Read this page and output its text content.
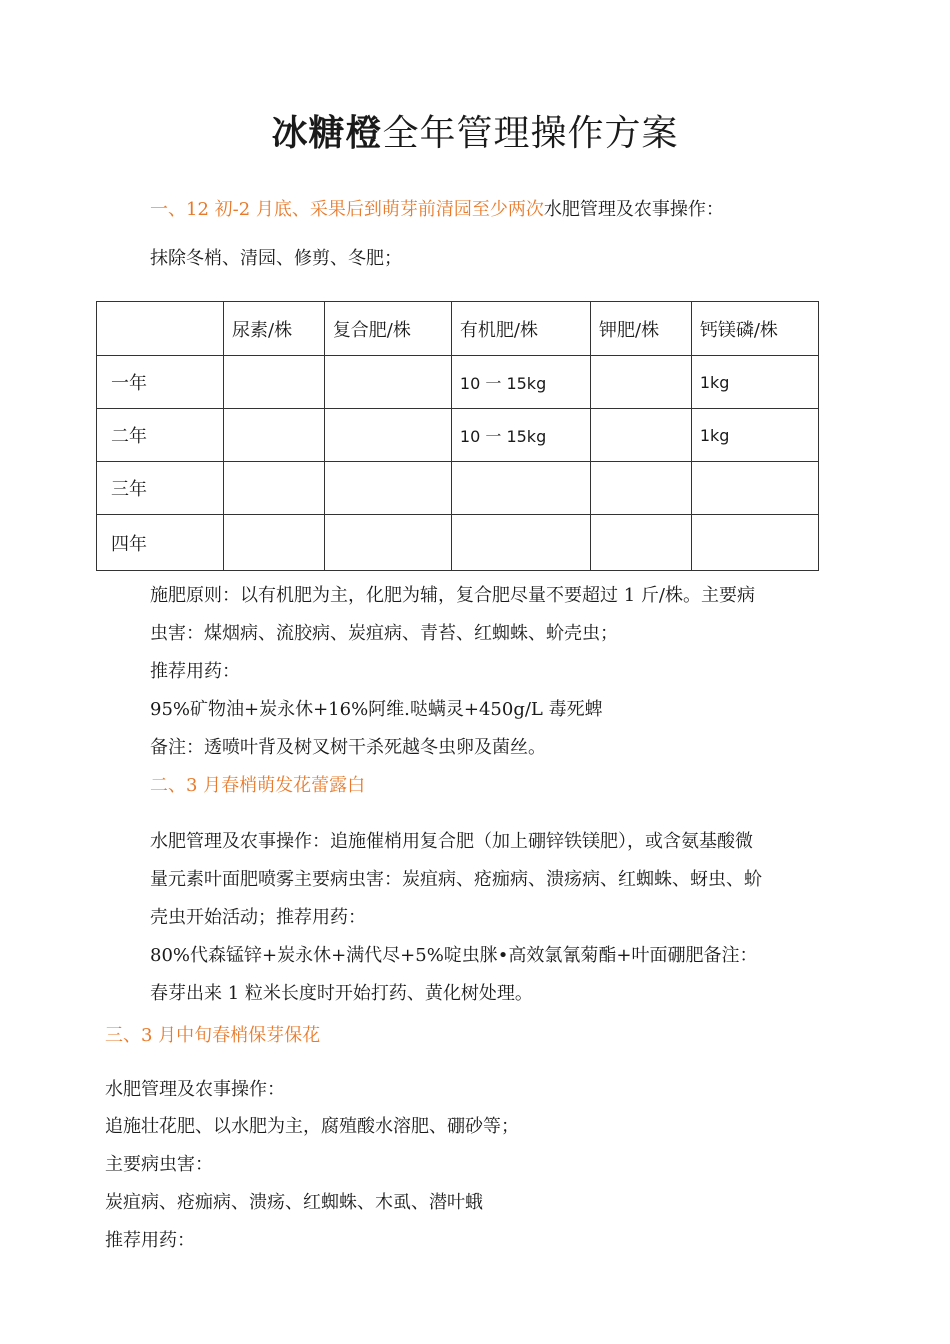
冰糖橙全年管理操作方案
一、12 初-2 月底、采果后到萌芽前清园至少两次水肥管理及农事操作：
抹除冬梢、清园、修剪、冬肥；
	尿素/株	复合肥/株	有机肥/株	钾肥/株	钙镁磷/株
一年			10 一 15kg		1kg
二年			10 一 15kg		1kg
三年					
四年					
施肥原则：以有机肥为主，化肥为辅，复合肥尽量不要超过 1 斤/株。主要病
虫害：煤烟病、流胶病、炭疽病、青苔、红蜘蛛、蚧壳虫；
推荐用药：
95%矿物油+炭永休+16%阿维.哒螨灵+450g/L 毒死蜱
备注：透喷叶背及树叉树干杀死越冬虫卵及菌丝。
二、3 月春梢萌发花蕾露白
水肥管理及农事操作：追施催梢用复合肥（加上硼锌铁镁肥），或含氨基酸微
量元素叶面肥喷雾主要病虫害：炭疽病、疮痂病、溃疡病、红蜘蛛、蚜虫、蚧
壳虫开始活动；推荐用药：
80%代森锰锌+炭永休+满代尽+5%啶虫脒•高效氯氰菊酯+叶面硼肥备注：
春芽出来 1 粒米长度时开始打药、黄化树处理。
三、3 月中旬春梢保芽保花
水肥管理及农事操作：
追施壮花肥、以水肥为主，腐殖酸水溶肥、硼砂等；
主要病虫害：
炭疽病、疮痂病、溃疡、红蜘蛛、木虱、潜叶蛾
推荐用药：
